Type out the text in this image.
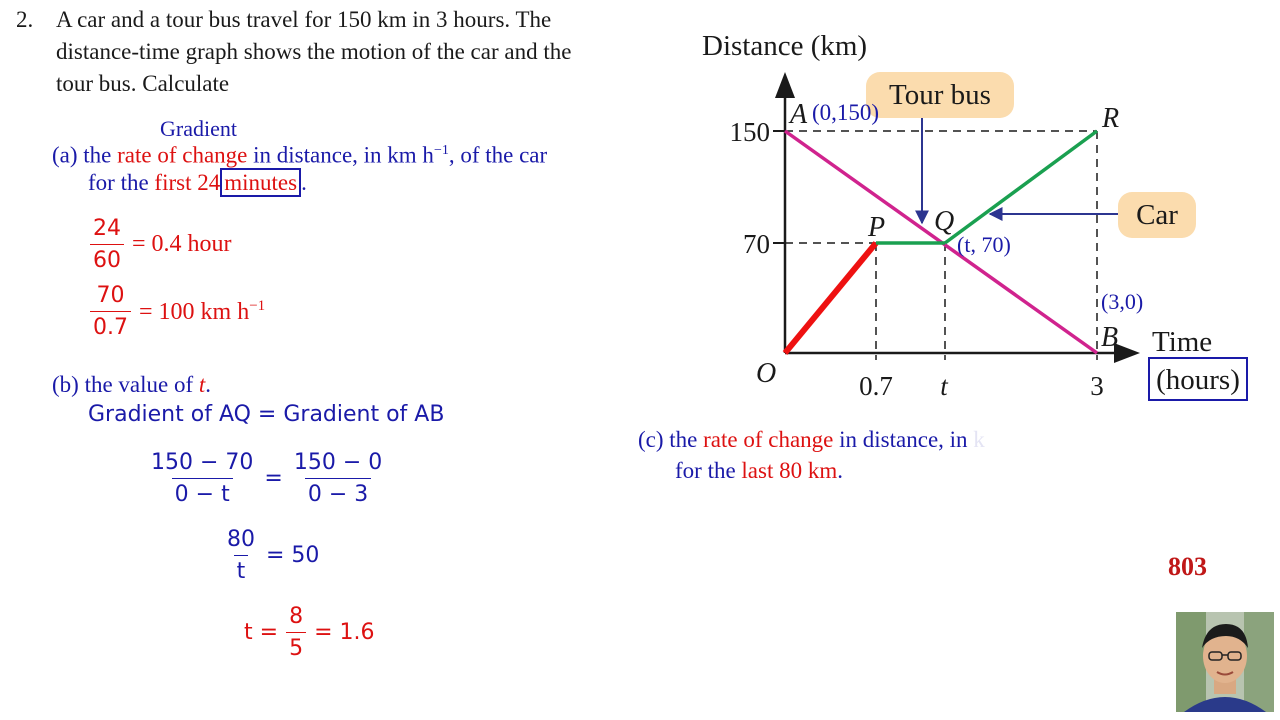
2. A car and a tour bus travel for 150 km in 3 hours. The
distance-time graph shows the motion of the car and the
tour bus. Calculate
Gradient
(a) the rate of change in distance, in km $h^{-1}$, of the car
for the first 24 minutes .
$\frac{24}{60} = 0.4$ hour
$\frac{70}{0.7} = 100$ km $h^{-1}$
(b) the value of t.
Gradient of AQ = Gradient of AB
$\frac{150 - 70}{0 - t} = \frac{150 - 0}{0 - 3}$
$\frac{80}{t} = 50$
$t = \frac{8}{5} = 1.6$
(c) the rate of change in distance, in k
for the last 80 km.
Tour bus
Car
Distance (km)
Time
(hours)
150
70
0.7 t	3
O
A (0,150)
P Q
(t, 70)
R
(3,0)
B
803
